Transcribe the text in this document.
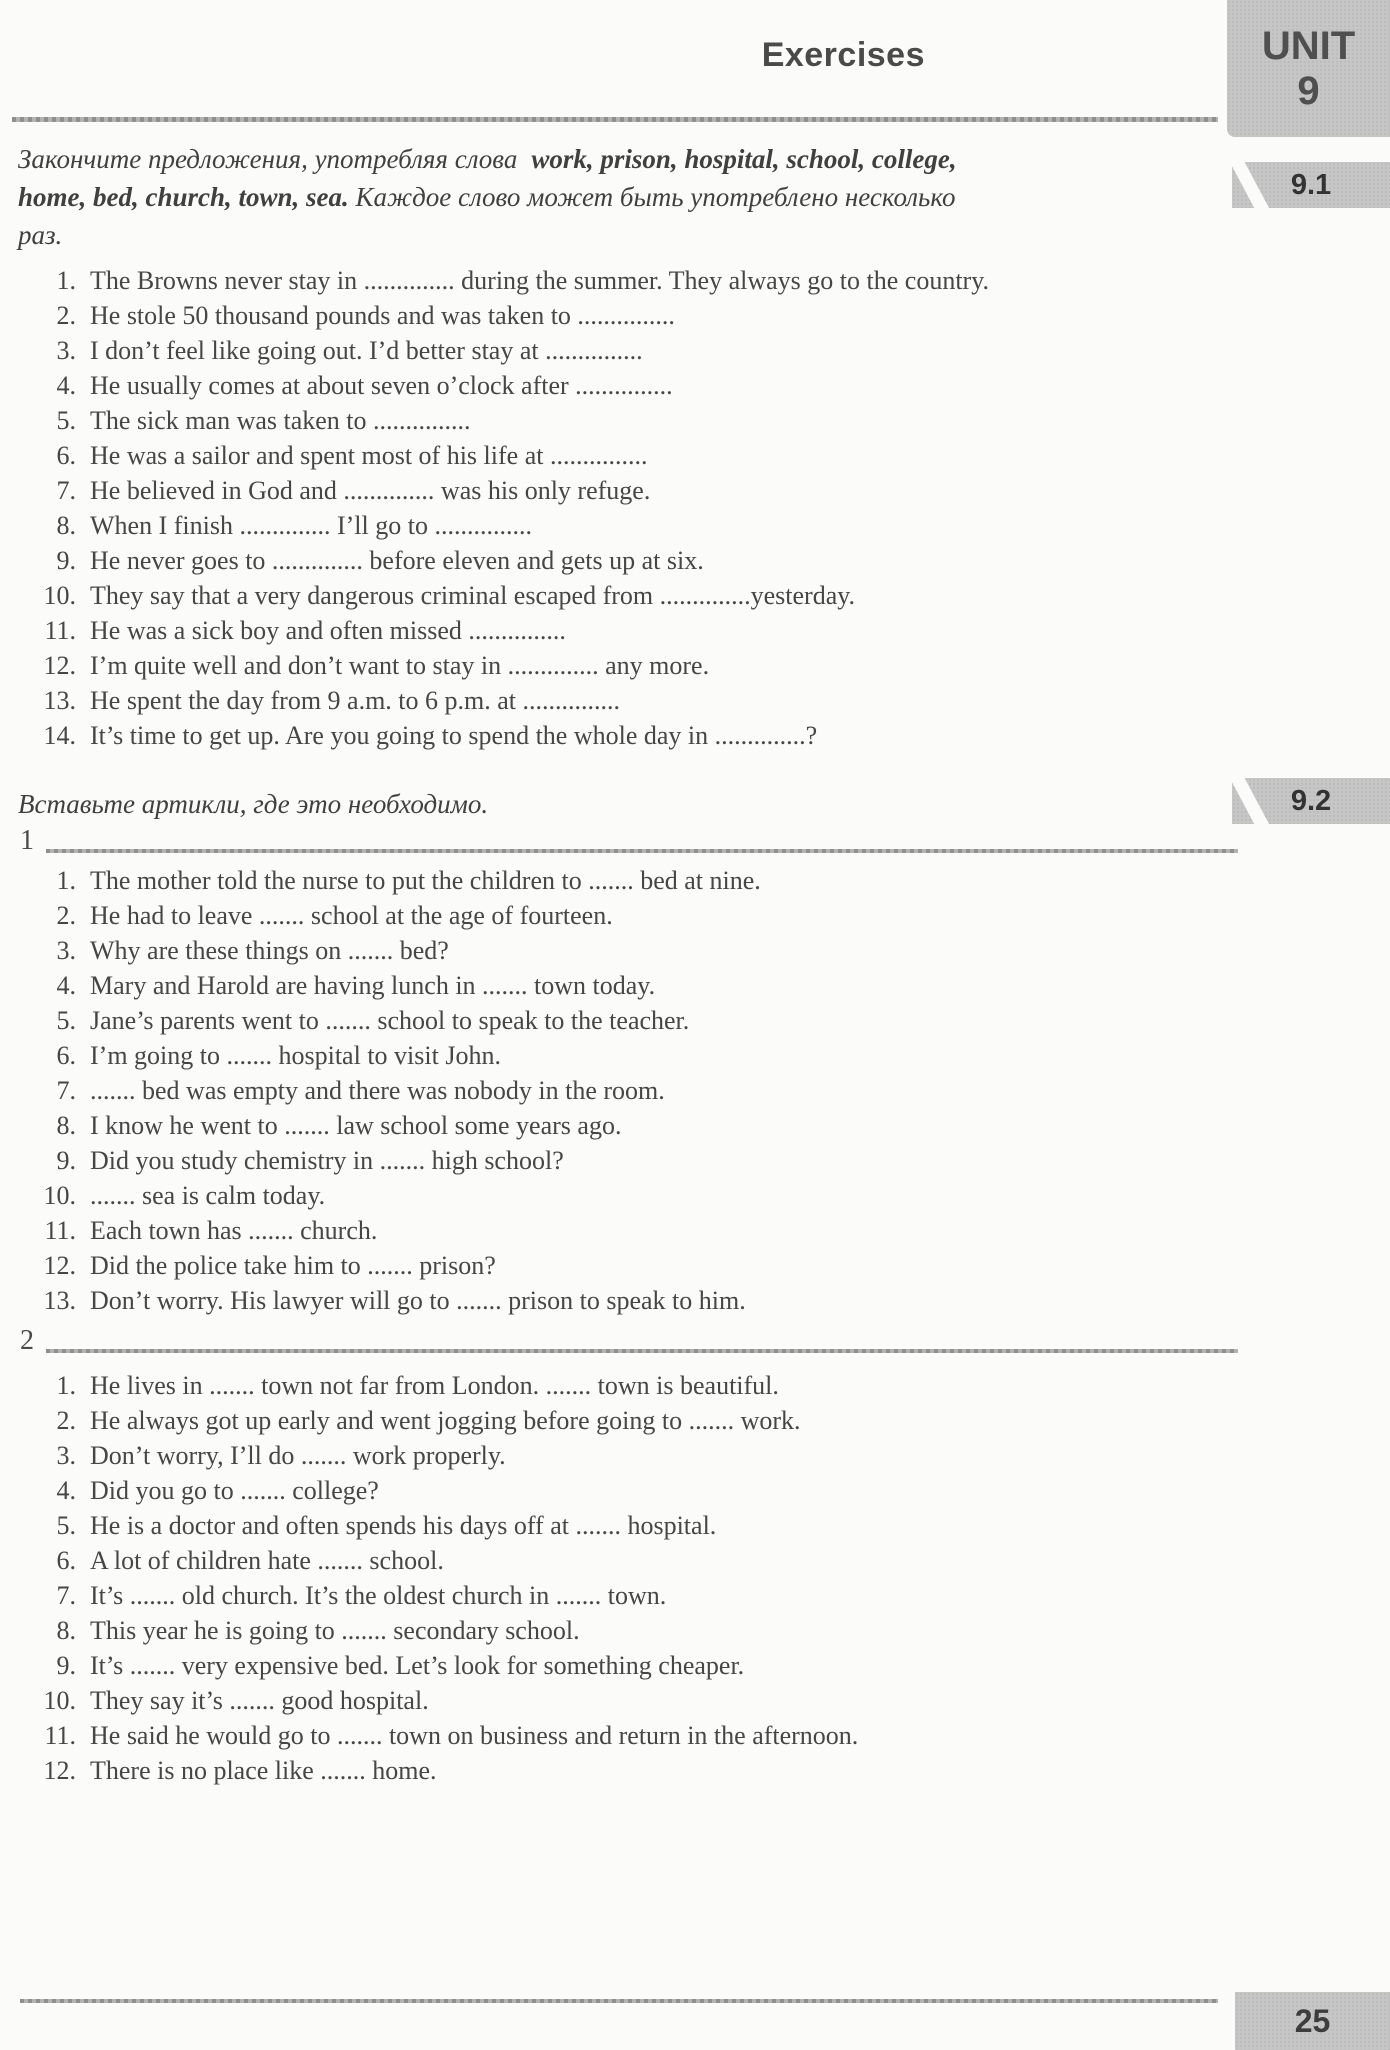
Exercises	UNIT
9

Закончите предложения, употребляя слова work, prison, hospital, school, college, home, bed, church, town, sea. Каждое слово может быть употреблено несколько раз.

9.1
1. The Browns never stay in .............. during the summer. They always go to the country.
2. He stole 50 thousand pounds and was taken to ...............
3. I don’t feel like going out. I’d better stay at ...............
4. He usually comes at about seven o’clock after ...............
5. The sick man was taken to ...............
6. He was a sailor and spent most of his life at ...............
7. He believed in God and .............. was his only refuge.
8. When I finish .............. I’ll go to ...............
9. He never goes to .............. before eleven and gets up at six.
10. They say that a very dangerous criminal escaped from ..............yesterday.
11. He was a sick boy and often missed ...............
12. I’m quite well and don’t want to stay in .............. any more.
13. He spent the day from 9 a.m. to 6 p.m. at ...............
14. It’s time to get up. Are you going to spend the whole day in ..............?

Вставьте артикли, где это необходимо.	9.2
1
1. The mother told the nurse to put the children to ....... bed at nine.
2. He had to leave ....... school at the age of fourteen.
3. Why are these things on ....... bed?
4. Mary and Harold are having lunch in ....... town today.
5. Jane’s parents went to ....... school to speak to the teacher.
6. I’m going to ....... hospital to visit John.
7. ....... bed was empty and there was nobody in the room.
8. I know he went to ....... law school some years ago.
9. Did you study chemistry in ....... high school?
10. ....... sea is calm today.
11. Each town has ....... church.
12. Did the police take him to ....... prison?
13. Don’t worry. His lawyer will go to ....... prison to speak to him.
2
1. He lives in ....... town not far from London. ....... town is beautiful.
2. He always got up early and went jogging before going to ....... work.
3. Don’t worry, I’ll do ....... work properly.
4. Did you go to ....... college?
5. He is a doctor and often spends his days off at ....... hospital.
6. A lot of children hate ....... school.
7. It’s ....... old church. It’s the oldest church in ....... town.
8. This year he is going to ....... secondary school.
9. It’s ....... very expensive bed. Let’s look for something cheaper.
10. They say it’s ....... good hospital.
11. He said he would go to ....... town on business and return in the afternoon.
12. There is no place like ....... home.
25
